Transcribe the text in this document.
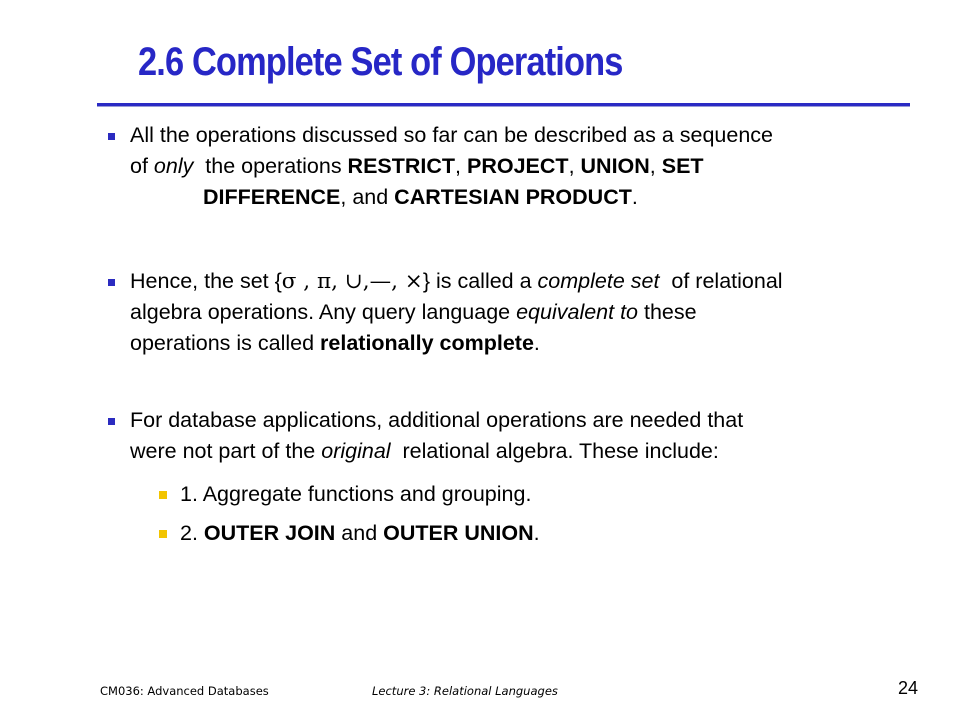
2.6 Complete Set of Operations
All the operations discussed so far can be described as a sequence
of only  the operations RESTRICT, PROJECT, UNION, SET
DIFFERENCE, and CARTESIAN PRODUCT.
Hence, the set {σ , π, ∪,—, ×} is called a complete set  of relational
algebra operations. Any query language equivalent to these
operations is called relationally complete.
For database applications, additional operations are needed that
were not part of the original  relational algebra. These include:
1. Aggregate functions and grouping.
2. OUTER JOIN and OUTER UNION.
CM036: Advanced Databases	Lecture 3: Relational Languages	24
